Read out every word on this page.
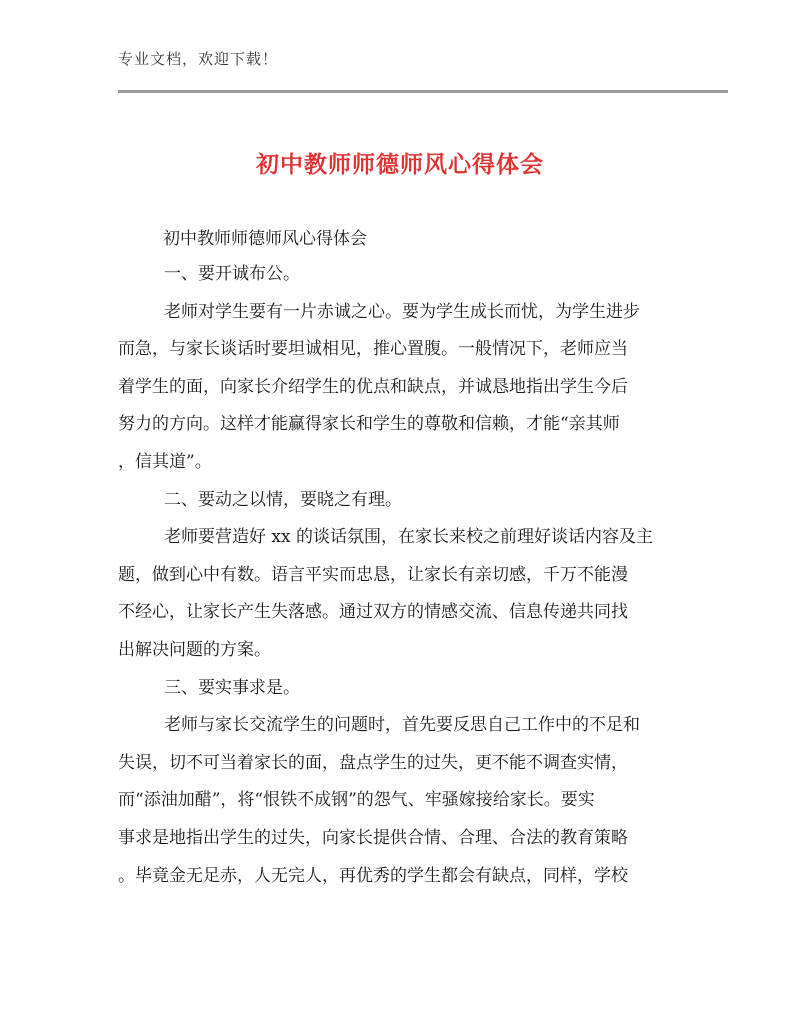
专业文档，欢迎下载！
初中教师师德师风心得体会
初中教师师德师风心得体会
一、要开诚布公。
老师对学生要有一片赤诚之心。要为学生成长而忧，为学生进步
而急，与家长谈话时要坦诚相见，推心置腹。一般情况下，老师应当
着学生的面，向家长介绍学生的优点和缺点，并诚恳地指出学生今后
努力的方向。这样才能赢得家长和学生的尊敬和信赖，才能“亲其师
，信其道”。
二、要动之以情，要晓之有理。
老师要营造好 xx 的谈话氛围，在家长来校之前理好谈话内容及主
题，做到心中有数。语言平实而忠恳，让家长有亲切感，千万不能漫
不经心，让家长产生失落感。通过双方的情感交流、信息传递共同找
出解决问题的方案。
三、要实事求是。
老师与家长交流学生的问题时，首先要反思自己工作中的不足和
失误，切不可当着家长的面，盘点学生的过失，更不能不调查实情，
而“添油加醋”，将“恨铁不成钢”的怨气、牢骚嫁接给家长。要实
事求是地指出学生的过失，向家长提供合情、合理、合法的教育策略
。毕竟金无足赤，人无完人，再优秀的学生都会有缺点，同样，学校
